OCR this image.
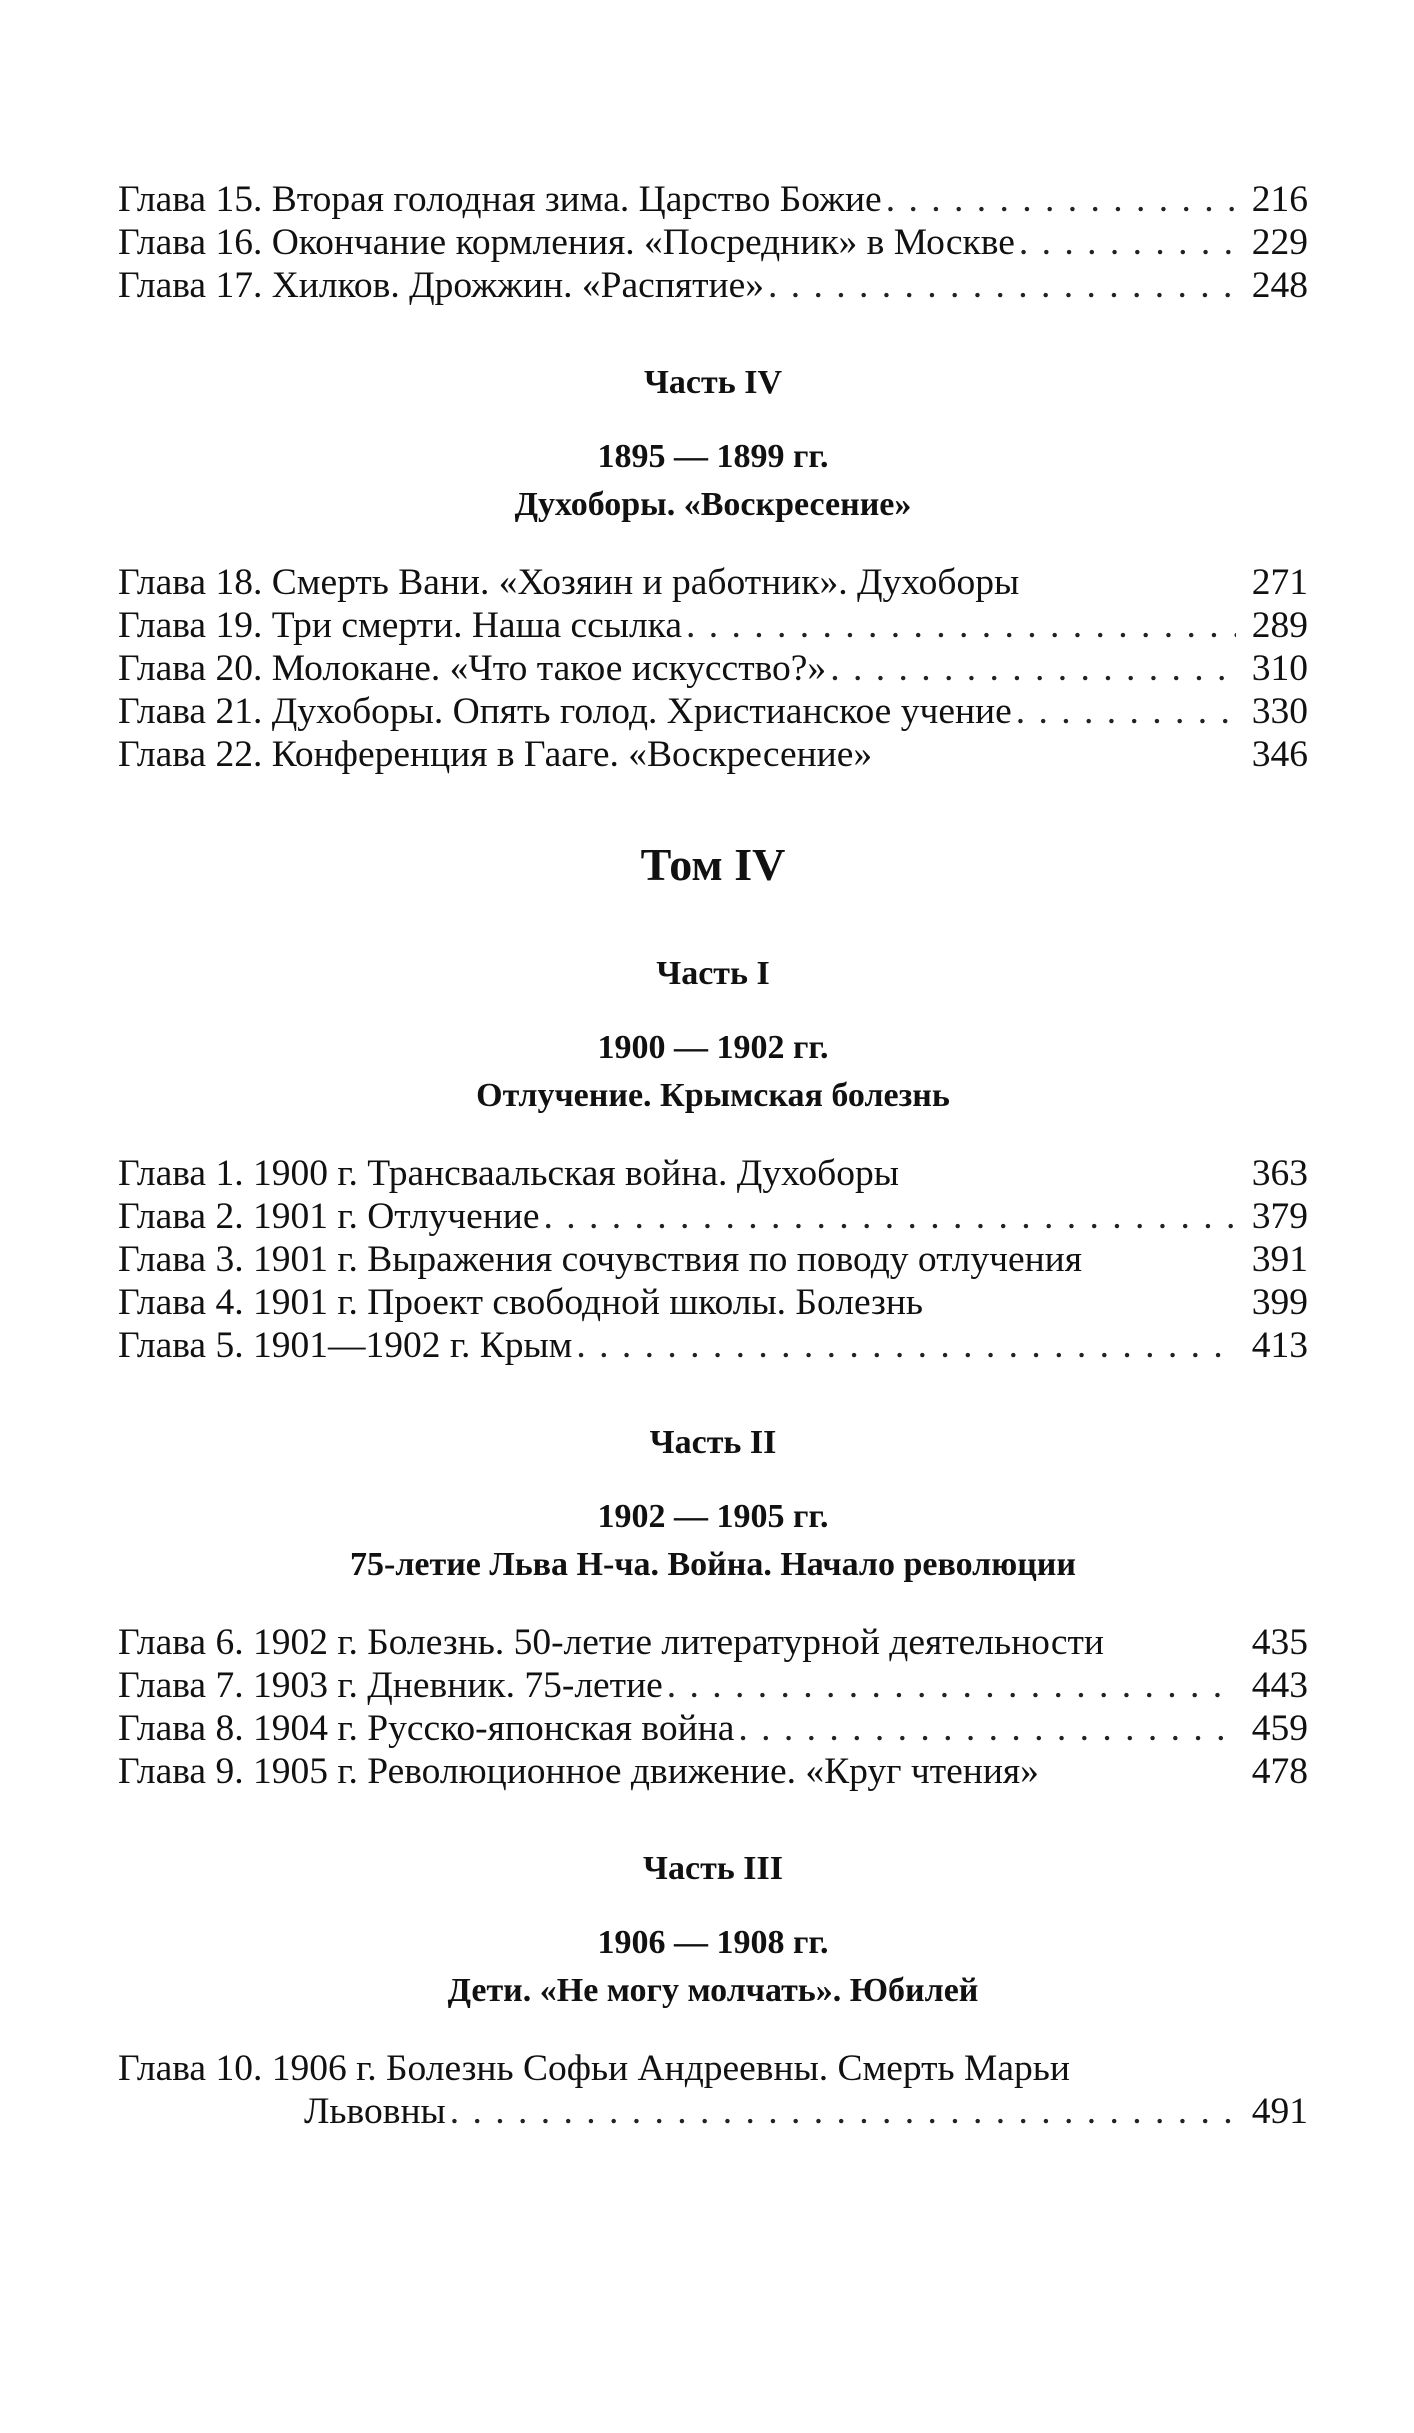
Глава 15. Вторая голодная зима. Царство Божие . . .	216
Глава 16. Окончание кормления. «Посредник» в Москве . . .	229
Глава 17. Хилков. Дрожжин. «Распятие» . . .	248
Часть IV
1895 — 1899 гг.
Духоборы. «Воскресение»
Глава 18. Смерть Вани. «Хозяин и работник». Духоборы	271
Глава 19. Три смерти. Наша ссылка . . .	289
Глава 20. Молокане. «Что такое искусство?» . . .	310
Глава 21. Духоборы. Опять голод. Христианское учение . . .	330
Глава 22. Конференция в Гааге. «Воскресение»	346
Том IV
Часть I
1900 — 1902 гг.
Отлучение. Крымская болезнь
Глава 1. 1900 г. Трансваальская война. Духоборы	363
Глава 2. 1901 г. Отлучение . . .	379
Глава 3. 1901 г. Выражения сочувствия по поводу отлучения	391
Глава 4. 1901 г. Проект свободной школы. Болезнь	399
Глава 5. 1901—1902 г. Крым . . .	413
Часть II
1902 — 1905 гг.
75-летие Льва Н-ча. Война. Начало революции
Глава 6. 1902 г. Болезнь. 50-летие литературной деятельности	435
Глава 7. 1903 г. Дневник. 75-летие . . .	443
Глава 8. 1904 г. Русско-японская война . . .	459
Глава 9. 1905 г. Революционное движение. «Круг чтения»	478
Часть III
1906 — 1908 гг.
Дети. «Не могу молчать». Юбилей
Глава 10. 1906 г. Болезнь Софьи Андреевны. Смерть Марьи
Львовны . . .	491
